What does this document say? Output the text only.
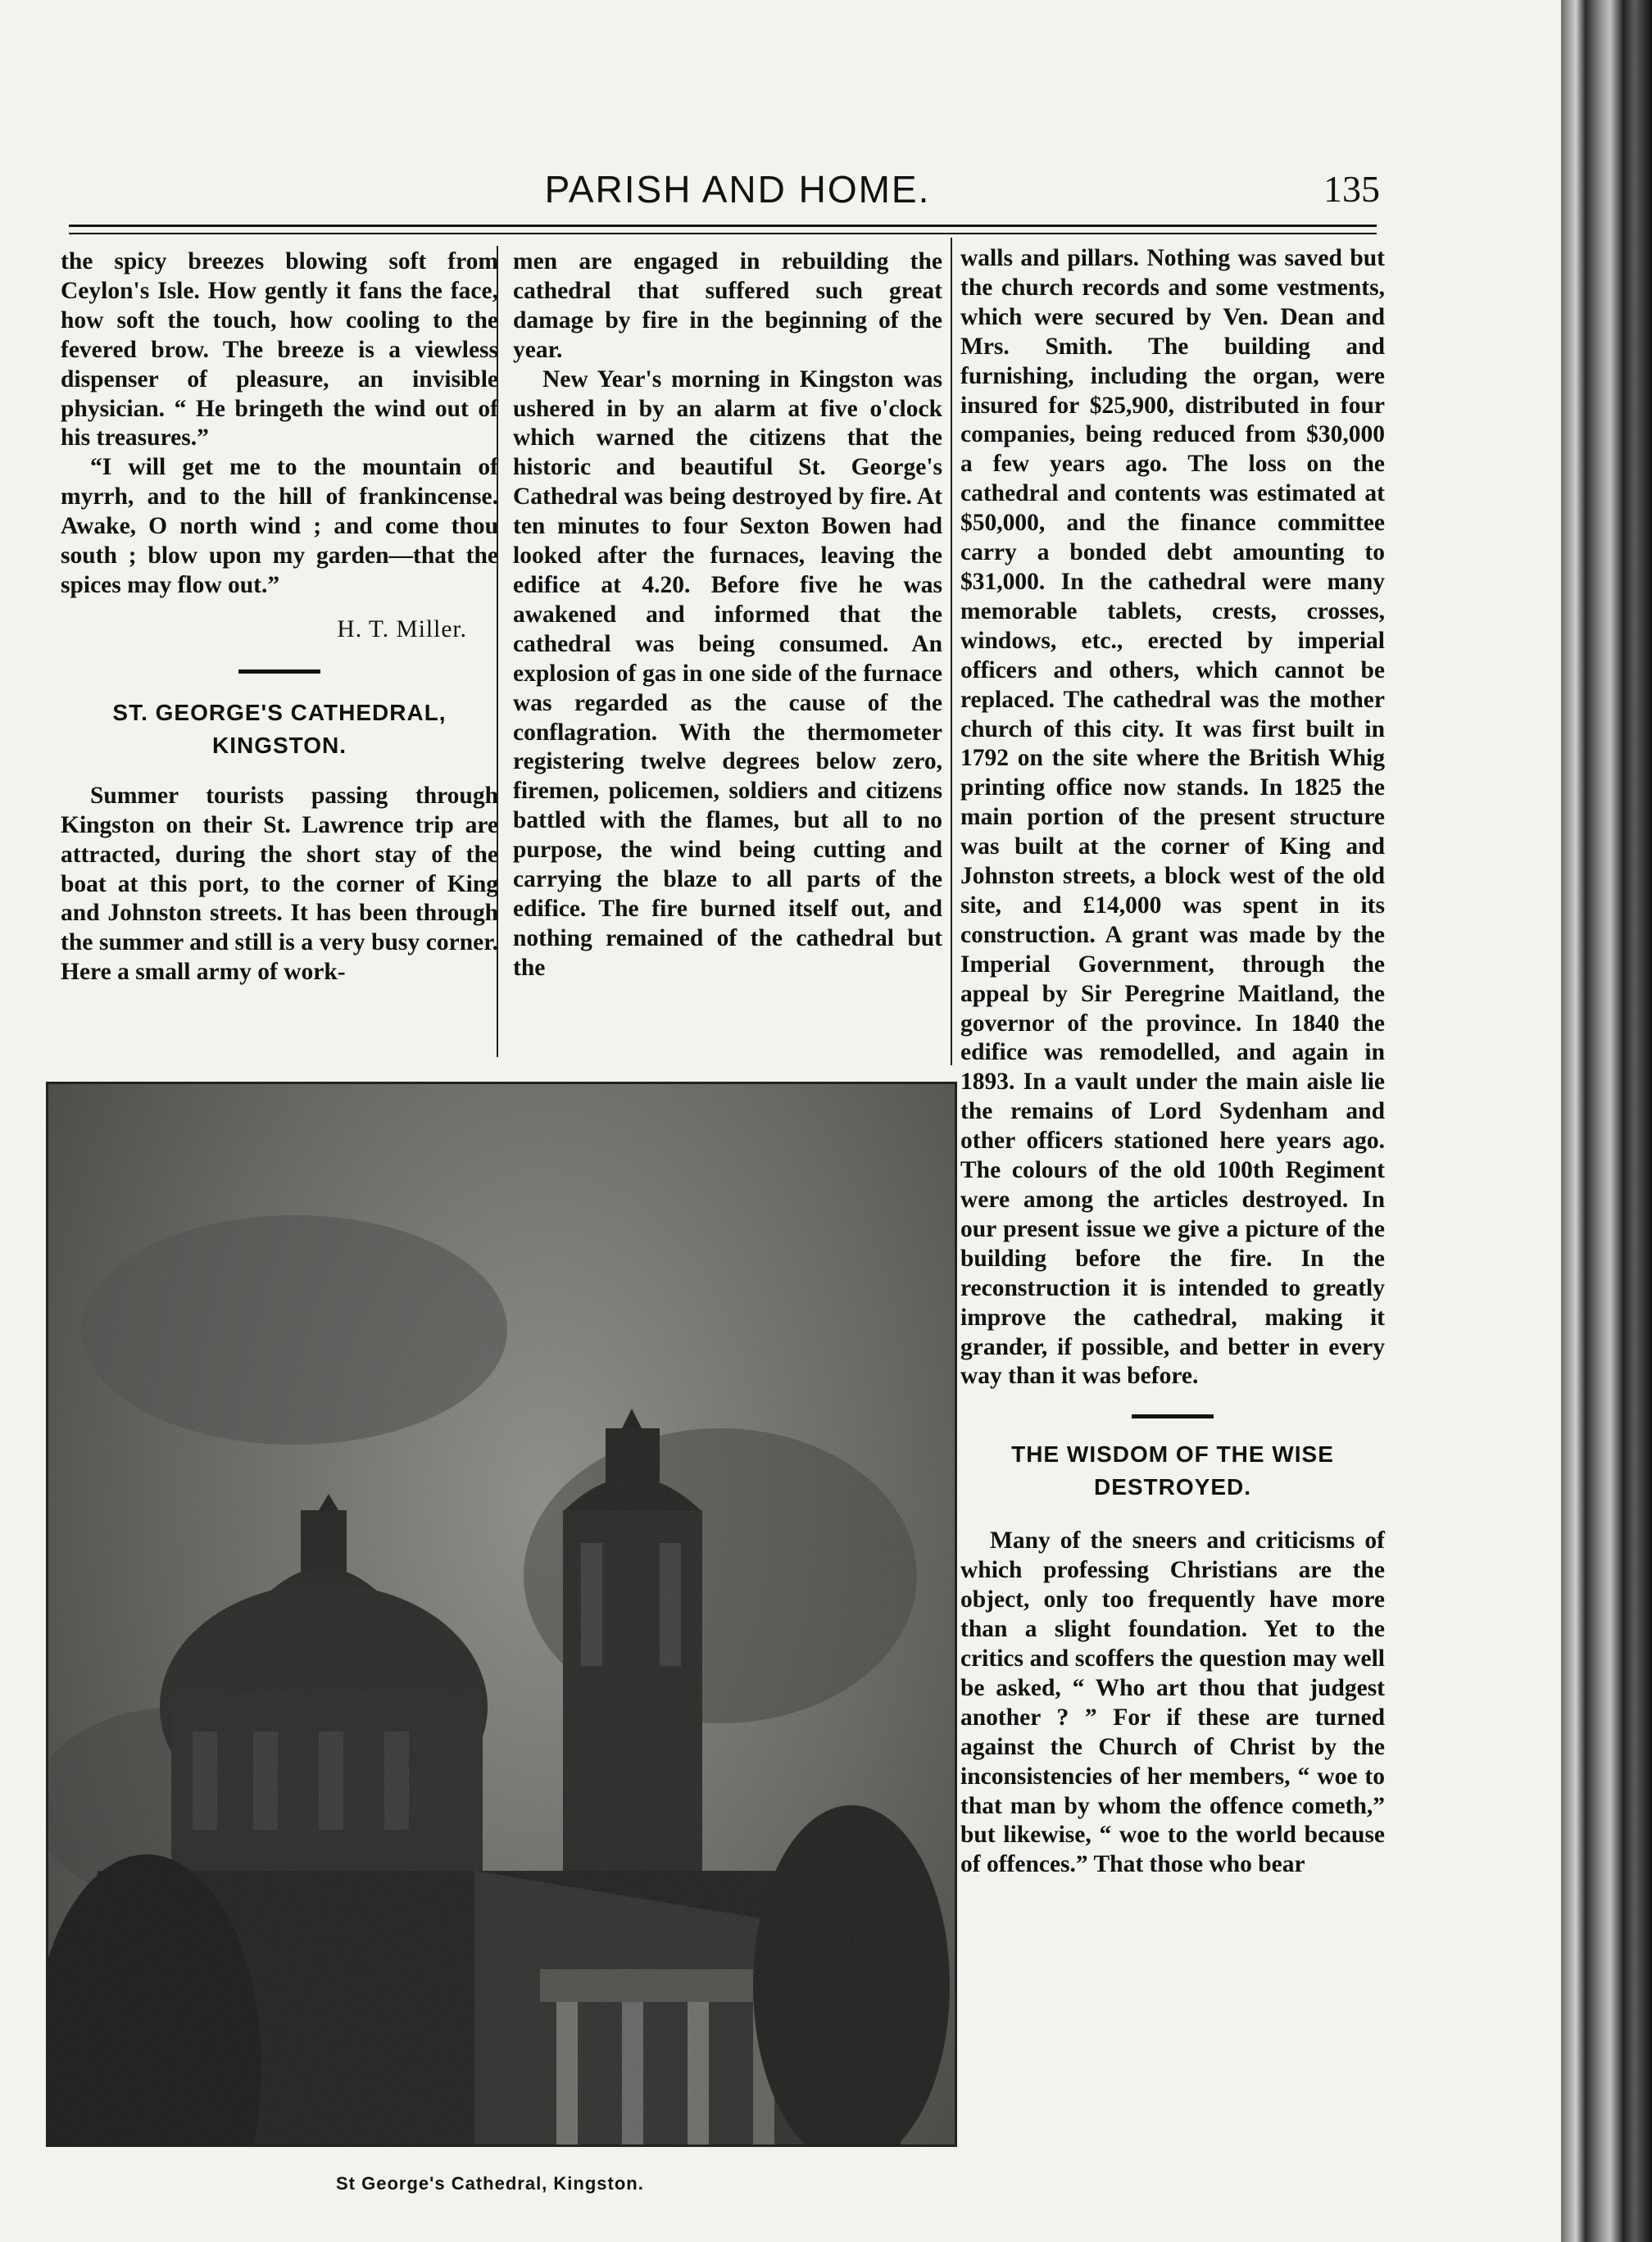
PARISH AND HOME.	135

the spicy breezes blowing soft from Ceylon's Isle. How gently it fans the face, how soft the touch, how cooling to the fevered brow. The breeze is a viewless dispenser of pleasure, an invisible physician. “ He bringeth the wind out of his treasures.”

“I will get me to the mountain of myrrh, and to the hill of frankincense. Awake, O north wind ; and come thou south ; blow upon my garden—that the spices may flow out.”

H. T. Miller.

ST. GEORGE'S CATHEDRAL, KINGSTON.

Summer tourists passing through Kingston on their St. Lawrence trip are attracted, during the short stay of the boat at this port, to the corner of King and Johnston streets. It has been through the summer and still is a very busy corner. Here a small army of work-

men are engaged in rebuilding the cathedral that suffered such great damage by fire in the beginning of the year.

New Year's morning in Kingston was ushered in by an alarm at five o'clock which warned the citizens that the historic and beautiful St. George's Cathedral was being destroyed by fire. At ten minutes to four Sexton Bowen had looked after the furnaces, leaving the edifice at 4.20. Before five he was awakened and informed that the cathedral was being consumed. An explosion of gas in one side of the furnace was regarded as the cause of the conflagration. With the thermometer registering twelve degrees below zero, firemen, policemen, soldiers and citizens battled with the flames, but all to no purpose, the wind being cutting and carrying the blaze to all parts of the edifice. The fire burned itself out, and nothing remained of the cathedral but the

walls and pillars. Nothing was saved but the church records and some vestments, which were secured by Ven. Dean and Mrs. Smith. The building and furnishing, including the organ, were insured for $25,900, distributed in four companies, being reduced from $30,000 a few years ago. The loss on the cathedral and contents was estimated at $50,000, and the finance committee carry a bonded debt amounting to $31,000. In the cathedral were many memorable tablets, crests, crosses, windows, etc., erected by imperial officers and others, which cannot be replaced. The cathedral was the mother church of this city. It was first built in 1792 on the site where the British Whig printing office now stands. In 1825 the main portion of the present structure was built at the corner of King and Johnston streets, a block west of the old site, and £14,000 was spent in its construction. A grant was made by the Imperial Government, through the appeal by Sir Peregrine Maitland, the governor of the province. In 1840 the edifice was remodelled, and again in 1893. In a vault under the main aisle lie the remains of Lord Sydenham and other officers stationed here years ago. The colours of the old 100th Regiment were among the articles destroyed. In our present issue we give a picture of the building before the fire. In the reconstruction it is intended to greatly improve the cathedral, making it grander, if possible, and better in every way than it was before.

THE WISDOM OF THE WISE DESTROYED.

Many of the sneers and criticisms of which professing Christians are the object, only too frequently have more than a slight foundation. Yet to the critics and scoffers the question may well be asked, “ Who art thou that judgest another ? ” For if these are turned against the Church of Christ by the inconsistencies of her members, “ woe to that man by whom the offence cometh,” but likewise, “ woe to the world because of offences.” That those who bear

St George's Cathedral, Kingston.
